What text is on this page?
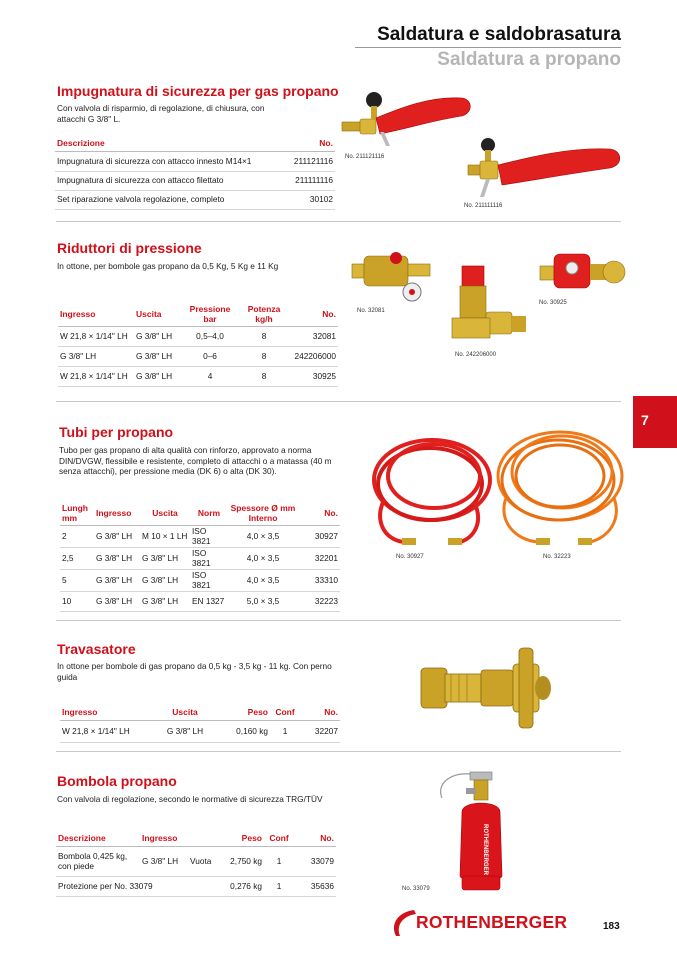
Saldatura e saldobrasatura
Saldatura a propano
7
Impugnatura di sicurezza per gas propano
Con valvola di risparmio, di regolazione, di chiusura, con attacchi G 3/8" L.
Descrizione	No.
Impugnatura di sicurezza con attacco innesto M14×1	211121116
Impugnatura di sicurezza con attacco filettato	211111116
Set riparazione valvola regolazione, completo	30102
No. 211121116
No. 211111116
Riduttori di pressione
In ottone, per bombole gas propano da 0,5 Kg, 5 Kg e 11 Kg
Ingresso	Uscita	Pressione bar	Potenza kg/h	No.
W 21,8 × 1/14" LH	G 3/8" LH	0,5–4,0	8	32081
G 3/8" LH	G 3/8" LH	0–6	8	242206000
W 21,8 × 1/14" LH	G 3/8" LH	4	8	30925
No. 32081
No. 242206000
No. 30925
Tubi per propano
Tubo per gas propano di alta qualità con rinforzo, approvato a norma DIN/DVGW, flessibile e resistente, completo di attacchi o a matassa (40 m senza attacchi), per pressione media (DK 6) o alta (DK 30).
Lungh mm	Ingresso	Uscita	Norm	Spessore Ø mm Interno	No.
2	G 3/8" LH	M 10 × 1 LH	ISO 3821	4,0 × 3,5	30927
2,5	G 3/8" LH	G 3/8" LH	ISO 3821	4,0 × 3,5	32201
5	G 3/8" LH	G 3/8" LH	ISO 3821	4,0 × 3,5	33310
10	G 3/8" LH	G 3/8" LH	EN 1327	5,0 × 3,5	32223
No. 30927	No. 32223
Travasatore
In ottone per bombole di gas propano da 0,5 kg - 3,5 kg - 11 kg. Con perno guida
Ingresso	Uscita	Peso	Conf	No.
W 21,8 × 1/14" LH	G 3/8" LH	0,160 kg	1	32207
Bombola propano
Con valvola di regolazione, secondo le normative di sicurezza TRG/TÜV
Descrizione	Ingresso		Peso	Conf	No.
Bombola 0,425 kg, con piede	G 3/8" LH	Vuota	2,750 kg	1	33079
Protezione per No. 33079			0,276 kg	1	35636
ROTHENBERGER
No. 33079
ROTHENBERGER	183
